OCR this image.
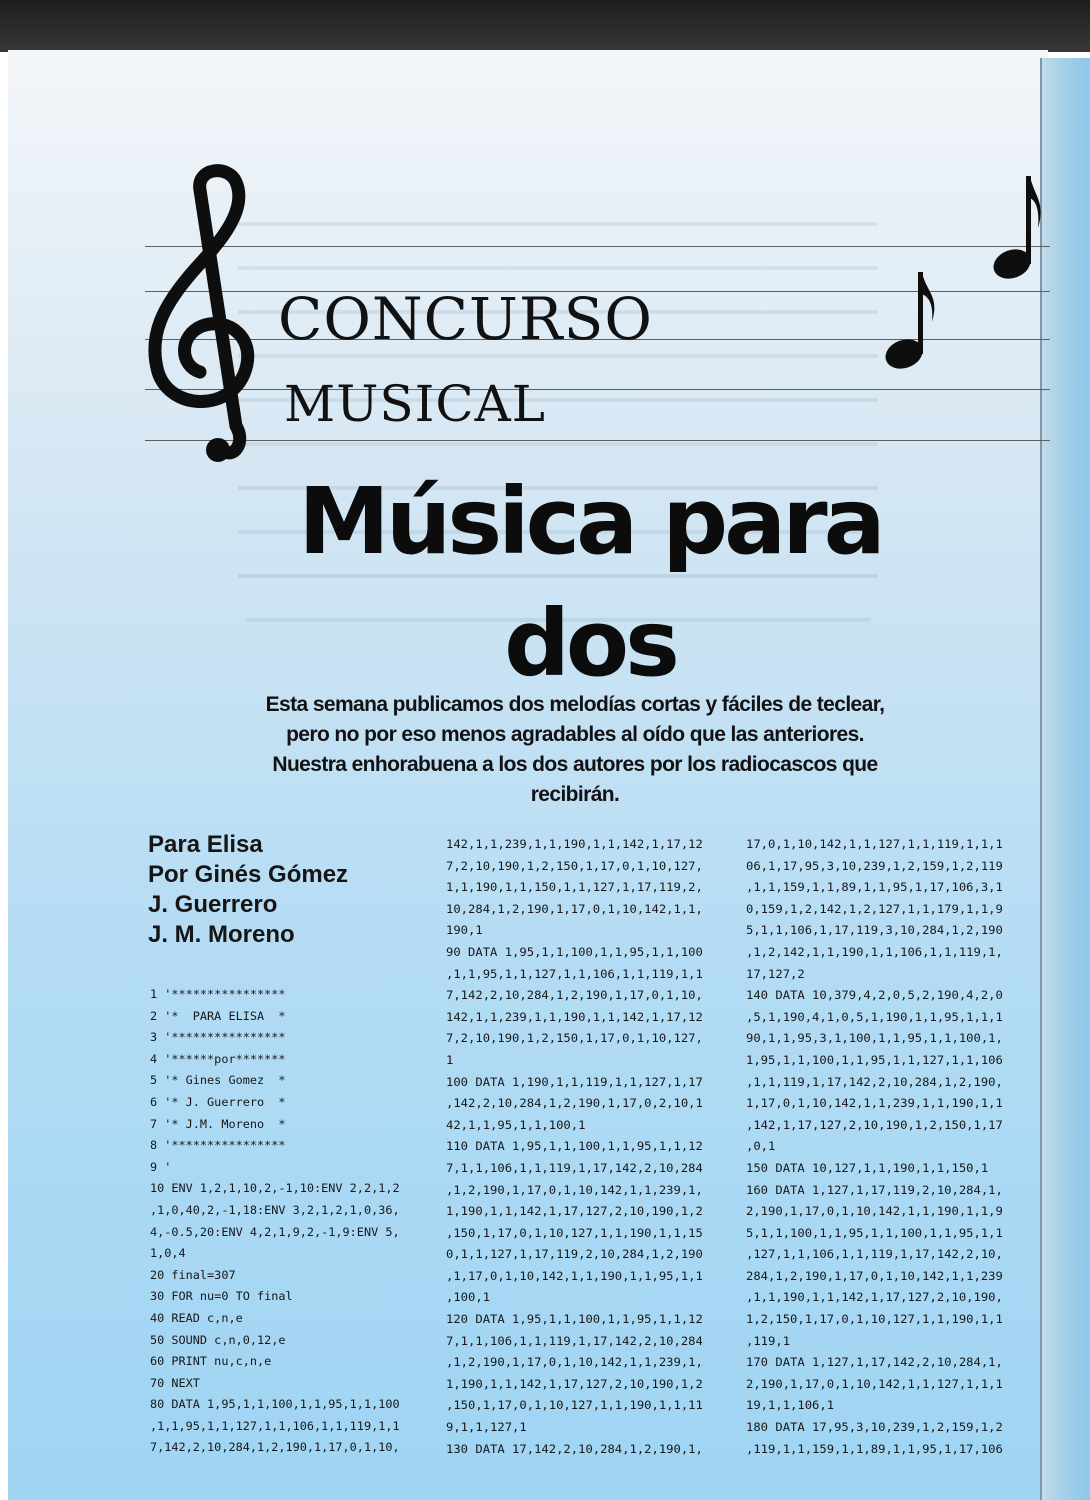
CONCURSO
MUSICAL
Música para
dos
Esta semana publicamos dos melodías cortas y fáciles de teclear, pero no por eso menos agradables al oído que las anteriores. Nuestra enhorabuena a los dos autores por los radiocascos que recibirán.
Para Elisa
Por Ginés Gómez
J. Guerrero
J. M. Moreno
1 '****************
2 '*  PARA ELISA  *
3 '****************
4 '******por*******
5 '* Gines Gomez  *
6 '* J. Guerrero  *
7 '* J.M. Moreno  *
8 '****************
9 '
10 ENV 1,2,1,10,2,-1,10:ENV 2,2,1,2
,1,0,40,2,-1,18:ENV 3,2,1,2,1,0,36,
4,-0.5,20:ENV 4,2,1,9,2,-1,9:ENV 5,
1,0,4
20 final=307
30 FOR nu=0 TO final
40 READ c,n,e
50 SOUND c,n,0,12,e
60 PRINT nu,c,n,e
70 NEXT
80 DATA 1,95,1,1,100,1,1,95,1,1,100
,1,1,95,1,1,127,1,1,106,1,1,119,1,1
7,142,2,10,284,1,2,190,1,17,0,1,10,
142,1,1,239,1,1,190,1,1,142,1,17,12
7,2,10,190,1,2,150,1,17,0,1,10,127,
1,1,190,1,1,150,1,1,127,1,17,119,2,
10,284,1,2,190,1,17,0,1,10,142,1,1,
190,1
90 DATA 1,95,1,1,100,1,1,95,1,1,100
,1,1,95,1,1,127,1,1,106,1,1,119,1,1
7,142,2,10,284,1,2,190,1,17,0,1,10,
142,1,1,239,1,1,190,1,1,142,1,17,12
7,2,10,190,1,2,150,1,17,0,1,10,127,
1
100 DATA 1,190,1,1,119,1,1,127,1,17
,142,2,10,284,1,2,190,1,17,0,2,10,1
42,1,1,95,1,1,100,1
110 DATA 1,95,1,1,100,1,1,95,1,1,12
7,1,1,106,1,1,119,1,17,142,2,10,284
,1,2,190,1,17,0,1,10,142,1,1,239,1,
1,190,1,1,142,1,17,127,2,10,190,1,2
,150,1,17,0,1,10,127,1,1,190,1,1,15
0,1,1,127,1,17,119,2,10,284,1,2,190
,1,17,0,1,10,142,1,1,190,1,1,95,1,1
,100,1
120 DATA 1,95,1,1,100,1,1,95,1,1,12
7,1,1,106,1,1,119,1,17,142,2,10,284
,1,2,190,1,17,0,1,10,142,1,1,239,1,
1,190,1,1,142,1,17,127,2,10,190,1,2
,150,1,17,0,1,10,127,1,1,190,1,1,11
9,1,1,127,1
130 DATA 17,142,2,10,284,1,2,190,1,
17,0,1,10,142,1,1,127,1,1,119,1,1,1
06,1,17,95,3,10,239,1,2,159,1,2,119
,1,1,159,1,1,89,1,1,95,1,17,106,3,1
0,159,1,2,142,1,2,127,1,1,179,1,1,9
5,1,1,106,1,17,119,3,10,284,1,2,190
,1,2,142,1,1,190,1,1,106,1,1,119,1,
17,127,2
140 DATA 10,379,4,2,0,5,2,190,4,2,0
,5,1,190,4,1,0,5,1,190,1,1,95,1,1,1
90,1,1,95,3,1,100,1,1,95,1,1,100,1,
1,95,1,1,100,1,1,95,1,1,127,1,1,106
,1,1,119,1,17,142,2,10,284,1,2,190,
1,17,0,1,10,142,1,1,239,1,1,190,1,1
,142,1,17,127,2,10,190,1,2,150,1,17
,0,1
150 DATA 10,127,1,1,190,1,1,150,1
160 DATA 1,127,1,17,119,2,10,284,1,
2,190,1,17,0,1,10,142,1,1,190,1,1,9
5,1,1,100,1,1,95,1,1,100,1,1,95,1,1
,127,1,1,106,1,1,119,1,17,142,2,10,
284,1,2,190,1,17,0,1,10,142,1,1,239
,1,1,190,1,1,142,1,17,127,2,10,190,
1,2,150,1,17,0,1,10,127,1,1,190,1,1
,119,1
170 DATA 1,127,1,17,142,2,10,284,1,
2,190,1,17,0,1,10,142,1,1,127,1,1,1
19,1,1,106,1
180 DATA 17,95,3,10,239,1,2,159,1,2
,119,1,1,159,1,1,89,1,1,95,1,17,106
